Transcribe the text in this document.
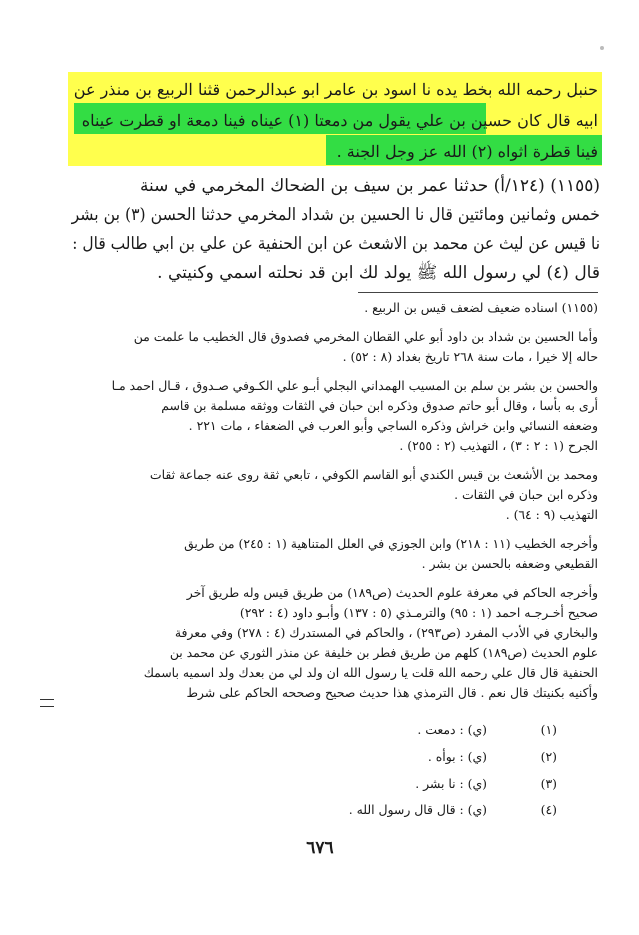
حنبل رحمه الله بخط يده نا اسود بن عامر ابو عبدالرحمن قثنا الربيع بن منذر عن
ابيه قال كان حسين بن علي يقول من دمعتا (١) عيناه فينا دمعة او قطرت عيناه
فينا قطرة اثواه (٢) الله عز وجل الجنة .
(١١٥٥) (١٢٤/أ) حدثنا عمر بن سيف بن الضحاك المخرمي في سنة
خمس وثمانين ومائتين قال نا الحسين بن شداد المخرمي حدثنا الحسن (٣) بن بشر
نا قيس عن ليث عن محمد بن الاشعث عن ابن الحنفية عن علي بن ابي طالب قال :
قال (٤) لي رسول الله ﷺ يولد لك ابن قد نحلته اسمي وكنيتي .
(١١٥٥) اسناده ضعيف لضعف قيس بن الربيع .
وأما الحسين بن شداد بن داود أبو علي القطان المخرمي فصدوق قال الخطيب ما علمت من
حاله إلا خيرا ، مات سنة ٢٦٨ تاريخ بغداد (٨ : ٥٢) .
والحسن بن بشر بن سلم بن المسيب الهمداني البجلي أبـو علي الكـوفي صـدوق ، قـال احمد مـا
أرى به بأسا ، وقال أبو حاتم صدوق وذكره ابن حبان في الثقات ووثقه مسلمة بن قاسم
وضعفه النسائي وابن خراش وذكره الساجي وأبو العرب في الضعفاء ، مات ٢٢١ .
الجرح (١ : ٢ : ٣) ، التهذيب (٢ : ٢٥٥) .
ومحمد بن الأشعث بن قيس الكندي أبو القاسم الكوفي ، تابعي ثقة روى عنه جماعة ثقات
وذكره ابن حبان في الثقات .
التهذيب (٩ : ٦٤) .
وأخرجه الخطيب (١١ : ٢١٨) وابن الجوزي في العلل المتناهية (١ : ٢٤٥) من طريق
القطيعي وضعفه بالحسن بن بشر .
وأخرجه الحاكم في معرفة علوم الحديث (ص١٨٩) من طريق قيس وله طريق آخر
صحيح أخـرجـه احمد (١ : ٩٥) والترمـذي (٥ : ١٣٧) وأبـو داود (٤ : ٢٩٢)
والبخاري في الأدب المفرد (ص٢٩٣) ، والحاكم في المستدرك (٤ : ٢٧٨) وفي معرفة
علوم الحديث (ص١٨٩) كلهم من طريق فطر بن خليفة عن منذر الثوري عن محمد بن
الحنفية قال قال علي رحمه الله قلت يا رسول الله ان ولد لي من بعدك ولد اسميه باسمك
وأكنيه بكنيتك قال نعم . قال الترمذي هذا حديث صحيح وصححه الحاكم على شرط
(١)(ي) : دمعت .
(٢)(ي) : بوأه .
(٣)(ي) : نا بشر .
(٤)(ي) : قال قال رسول الله .
٦٧٦
